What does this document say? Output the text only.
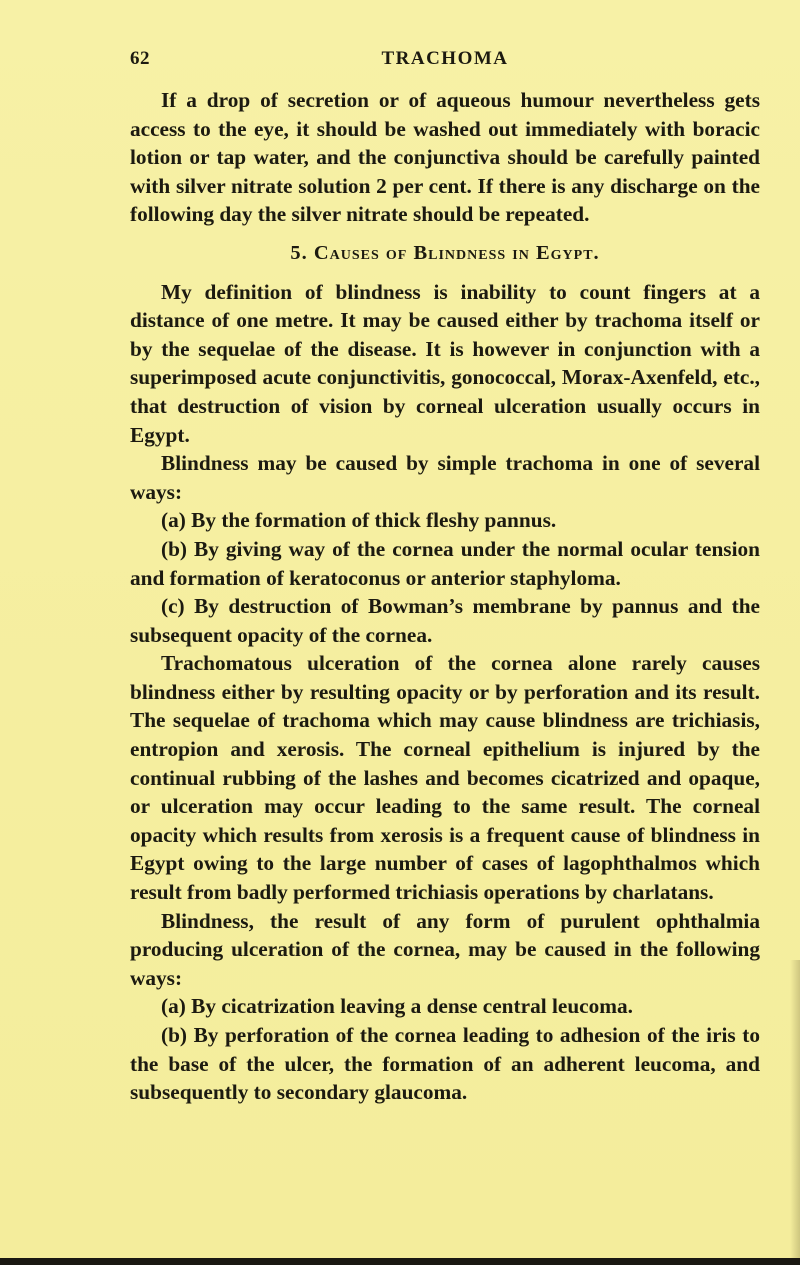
62	TRACHOMA

If a drop of secretion or of aqueous humour nevertheless gets access to the eye, it should be washed out immediately with boracic lotion or tap water, and the conjunctiva should be carefully painted with silver nitrate solution 2 per cent. If there is any discharge on the following day the silver nitrate should be repeated.

5. Causes of Blindness in Egypt.

My definition of blindness is inability to count fingers at a distance of one metre. It may be caused either by trachoma itself or by the sequelae of the disease. It is however in conjunction with a superimposed acute conjunctivitis, gonococcal, Morax-Axenfeld, etc., that destruction of vision by corneal ulceration usually occurs in Egypt.

Blindness may be caused by simple trachoma in one of several ways:

(a) By the formation of thick fleshy pannus.

(b) By giving way of the cornea under the normal ocular tension and formation of keratoconus or anterior staphyloma.

(c) By destruction of Bowman’s membrane by pannus and the subsequent opacity of the cornea.

Trachomatous ulceration of the cornea alone rarely causes blindness either by resulting opacity or by perforation and its result. The sequelae of trachoma which may cause blindness are trichiasis, entropion and xerosis. The corneal epithelium is injured by the continual rubbing of the lashes and becomes cicatrized and opaque, or ulceration may occur leading to the same result. The corneal opacity which results from xerosis is a frequent cause of blindness in Egypt owing to the large number of cases of lagophthalmos which result from badly performed trichiasis operations by charlatans.

Blindness, the result of any form of purulent ophthalmia producing ulceration of the cornea, may be caused in the following ways:

(a) By cicatrization leaving a dense central leucoma.

(b) By perforation of the cornea leading to adhesion of the iris to the base of the ulcer, the formation of an adherent leucoma, and subsequently to secondary glaucoma.
